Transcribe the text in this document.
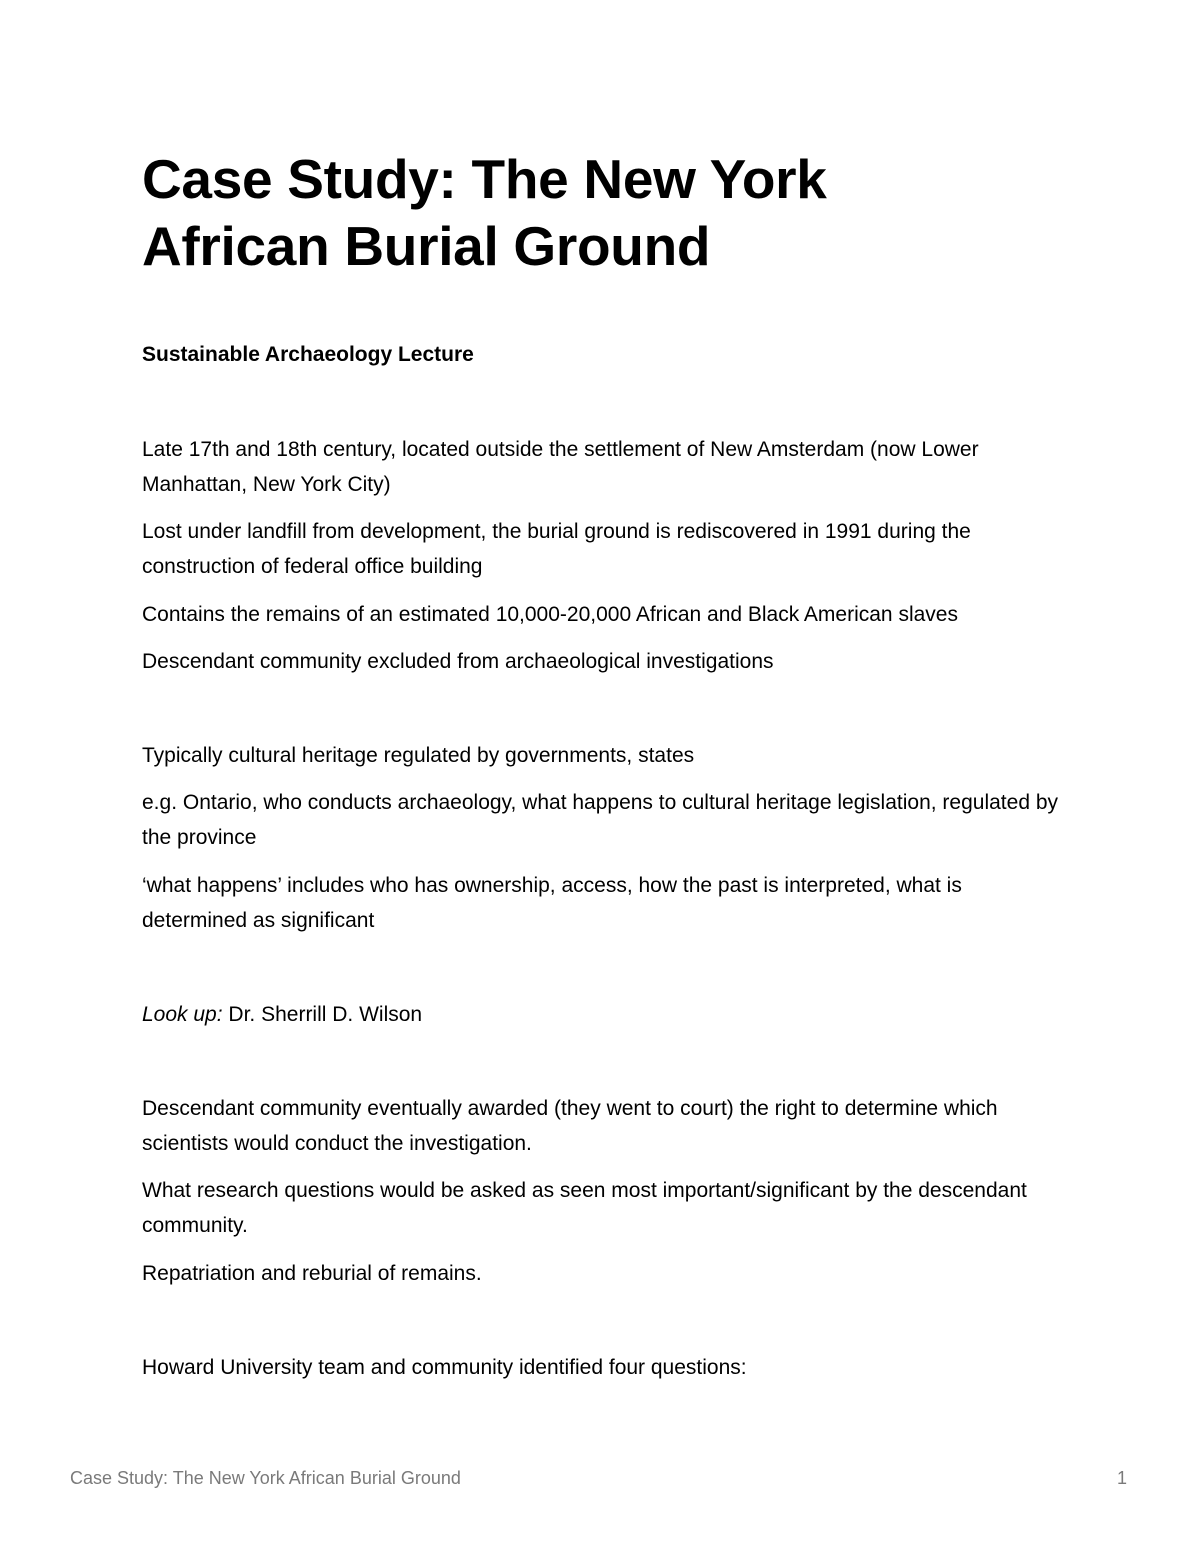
Case Study: The New York
African Burial Ground

Sustainable Archaeology Lecture

Late 17th and 18th century, located outside the settlement of New Amsterdam (now Lower Manhattan, New York City)

Lost under landfill from development, the burial ground is rediscovered in 1991 during the construction of federal office building

Contains the remains of an estimated 10,000-20,000 African and Black American slaves

Descendant community excluded from archaeological investigations

Typically cultural heritage regulated by governments, states

e.g. Ontario, who conducts archaeology, what happens to cultural heritage legislation, regulated by the province

‘what happens’ includes who has ownership, access, how the past is interpreted, what is determined as significant

Look up: Dr. Sherrill D. Wilson

Descendant community eventually awarded (they went to court) the right to determine which scientists would conduct the investigation.

What research questions would be asked as seen most important/significant by the descendant community.

Repatriation and reburial of remains.

Howard University team and community identified four questions:

Case Study: The New York African Burial Ground	1
